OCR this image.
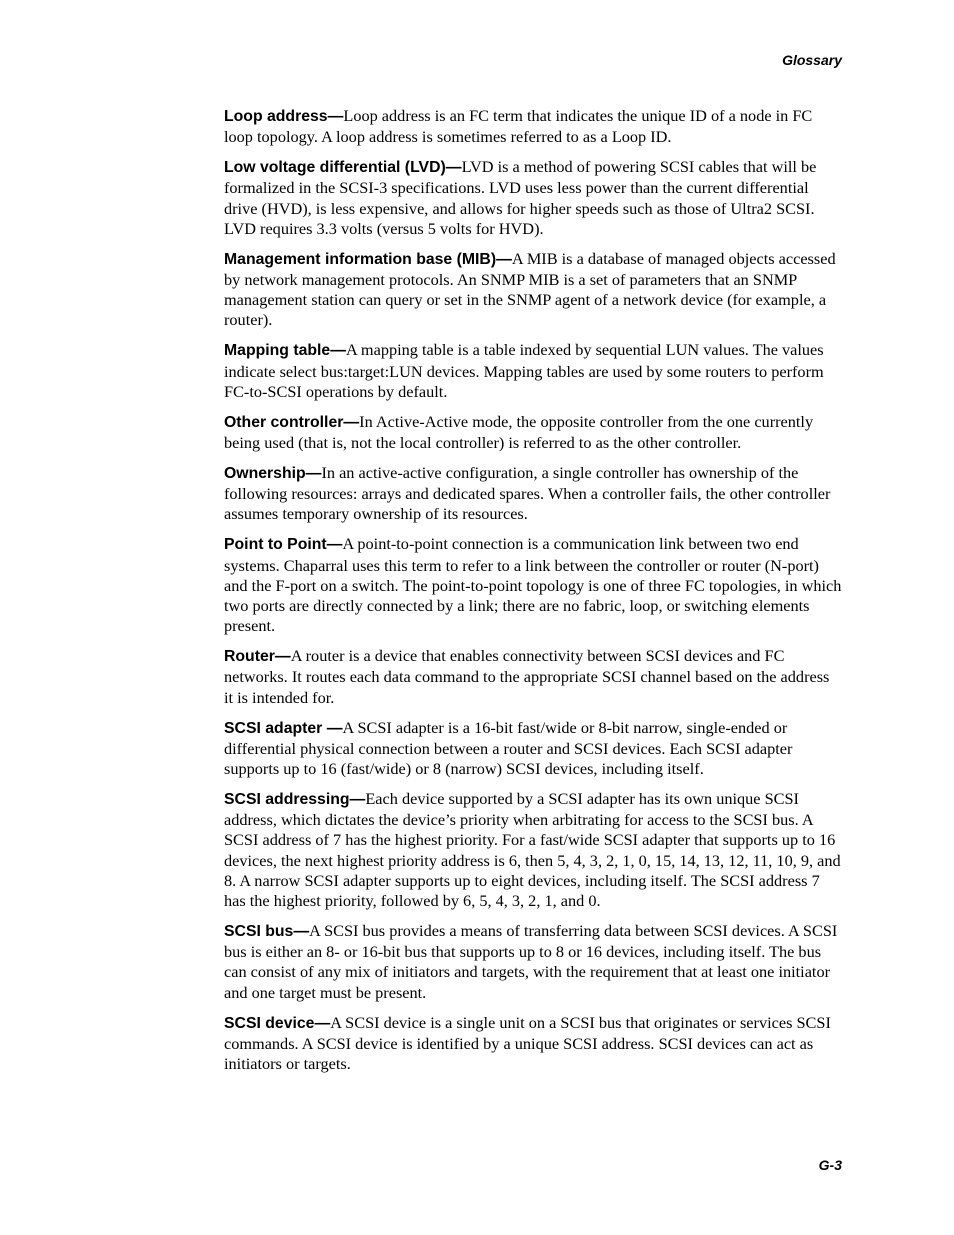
Glossary

Loop address—Loop address is an FC term that indicates the unique ID of a node in FC loop topology. A loop address is sometimes referred to as a Loop ID.

Low voltage differential (LVD)—LVD is a method of powering SCSI cables that will be formalized in the SCSI-3 specifications. LVD uses less power than the current differential drive (HVD), is less expensive, and allows for higher speeds such as those of Ultra2 SCSI. LVD requires 3.3 volts (versus 5 volts for HVD).

Management information base (MIB)—A MIB is a database of managed objects accessed by network management protocols. An SNMP MIB is a set of parameters that an SNMP management station can query or set in the SNMP agent of a network device (for example, a router).

Mapping table—A mapping table is a table indexed by sequential LUN values. The values indicate select bus:target:LUN devices. Mapping tables are used by some routers to perform FC-to-SCSI operations by default.

Other controller—In Active-Active mode, the opposite controller from the one currently being used (that is, not the local controller) is referred to as the other controller.

Ownership—In an active-active configuration, a single controller has ownership of the following resources: arrays and dedicated spares. When a controller fails, the other controller assumes temporary ownership of its resources.

Point to Point—A point-to-point connection is a communication link between two end systems. Chaparral uses this term to refer to a link between the controller or router (N-port) and the F-port on a switch. The point-to-point topology is one of three FC topologies, in which two ports are directly connected by a link; there are no fabric, loop, or switching elements present.

Router—A router is a device that enables connectivity between SCSI devices and FC networks. It routes each data command to the appropriate SCSI channel based on the address it is intended for.

SCSI adapter —A SCSI adapter is a 16-bit fast/wide or 8-bit narrow, single-ended or differential physical connection between a router and SCSI devices. Each SCSI adapter supports up to 16 (fast/wide) or 8 (narrow) SCSI devices, including itself.

SCSI addressing—Each device supported by a SCSI adapter has its own unique SCSI address, which dictates the device’s priority when arbitrating for access to the SCSI bus. A SCSI address of 7 has the highest priority. For a fast/wide SCSI adapter that supports up to 16 devices, the next highest priority address is 6, then 5, 4, 3, 2, 1, 0, 15, 14, 13, 12, 11, 10, 9, and 8. A narrow SCSI adapter supports up to eight devices, including itself. The SCSI address 7 has the highest priority, followed by 6, 5, 4, 3, 2, 1, and 0.

SCSI bus—A SCSI bus provides a means of transferring data between SCSI devices. A SCSI bus is either an 8- or 16-bit bus that supports up to 8 or 16 devices, including itself. The bus can consist of any mix of initiators and targets, with the requirement that at least one initiator and one target must be present.

SCSI device—A SCSI device is a single unit on a SCSI bus that originates or services SCSI commands. A SCSI device is identified by a unique SCSI address. SCSI devices can act as initiators or targets.

G-3
